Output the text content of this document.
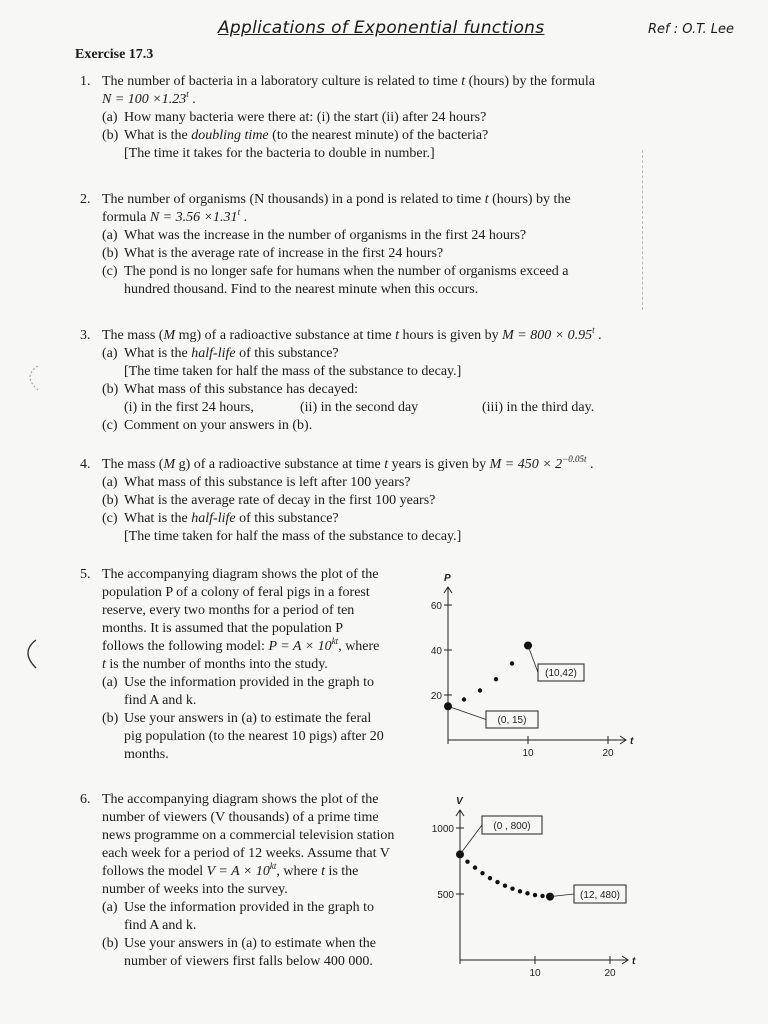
Applications of Exponential functions	Ref : O.T. Lee
Exercise 17.3
1. The number of bacteria in a laboratory culture is related to time t (hours) by the formula
$N = 100 \times 1.23^t$ .
(a) How many bacteria were there at: (i) the start (ii) after 24 hours?
(b) What is the doubling time (to the nearest minute) of the bacteria?
[The time it takes for the bacteria to double in number.]
2. The number of organisms (N thousands) in a pond is related to time t (hours) by the
formula $N = 3.56 \times 1.31^t$ .
(a) What was the increase in the number of organisms in the first 24 hours?
(b) What is the average rate of increase in the first 24 hours?
(c) The pond is no longer safe for humans when the number of organisms exceed a
hundred thousand. Find to the nearest minute when this occurs.
3. The mass (M mg) of a radioactive substance at time t hours is given by $M = 800 \times 0.95^t$ .
(a) What is the half-life of this substance?
[The time taken for half the mass of the substance to decay.]
(b) What mass of this substance has decayed:
(i) in the first 24 hours,	(ii) in the second day	(iii) in the third day.
(c) Comment on your answers in (b).
4. The mass (M g) of a radioactive substance at time t years is given by $M = 450 \times 2^{-0.05t}$ .
(a) What mass of this substance is left after 100 years?
(b) What is the average rate of decay in the first 100 years?
(c) What is the half-life of this substance?
[The time taken for half the mass of the substance to decay.]
5. The accompanying diagram shows the plot of the
population P of a colony of feral pigs in a forest
reserve, every two months for a period of ten
months. It is assumed that the population P
follows the following model: $P = A \times 10^{kt}$, where
t is the number of months into the study.
(a) Use the information provided in the graph to
find A and k.
(b) Use your answers in (a) to estimate the feral
pig population (to the nearest 10 pigs) after 20
months.
6. The accompanying diagram shows the plot of the
number of viewers (V thousands) of a prime time
news programme on a commercial television station
each week for a period of 12 weeks. Assume that V
follows the model $V = A \times 10^{kt}$, where t is the
number of weeks into the survey.
(a) Use the information provided in the graph to
find A and k.
(b) Use your answers in (a) to estimate when the
number of viewers first falls below 400 000.
t
P
10	20
20
40
60
(0, 15)
(10,42)
t
V
10	20
500
1000	(0 , 800)
(12, 480)
